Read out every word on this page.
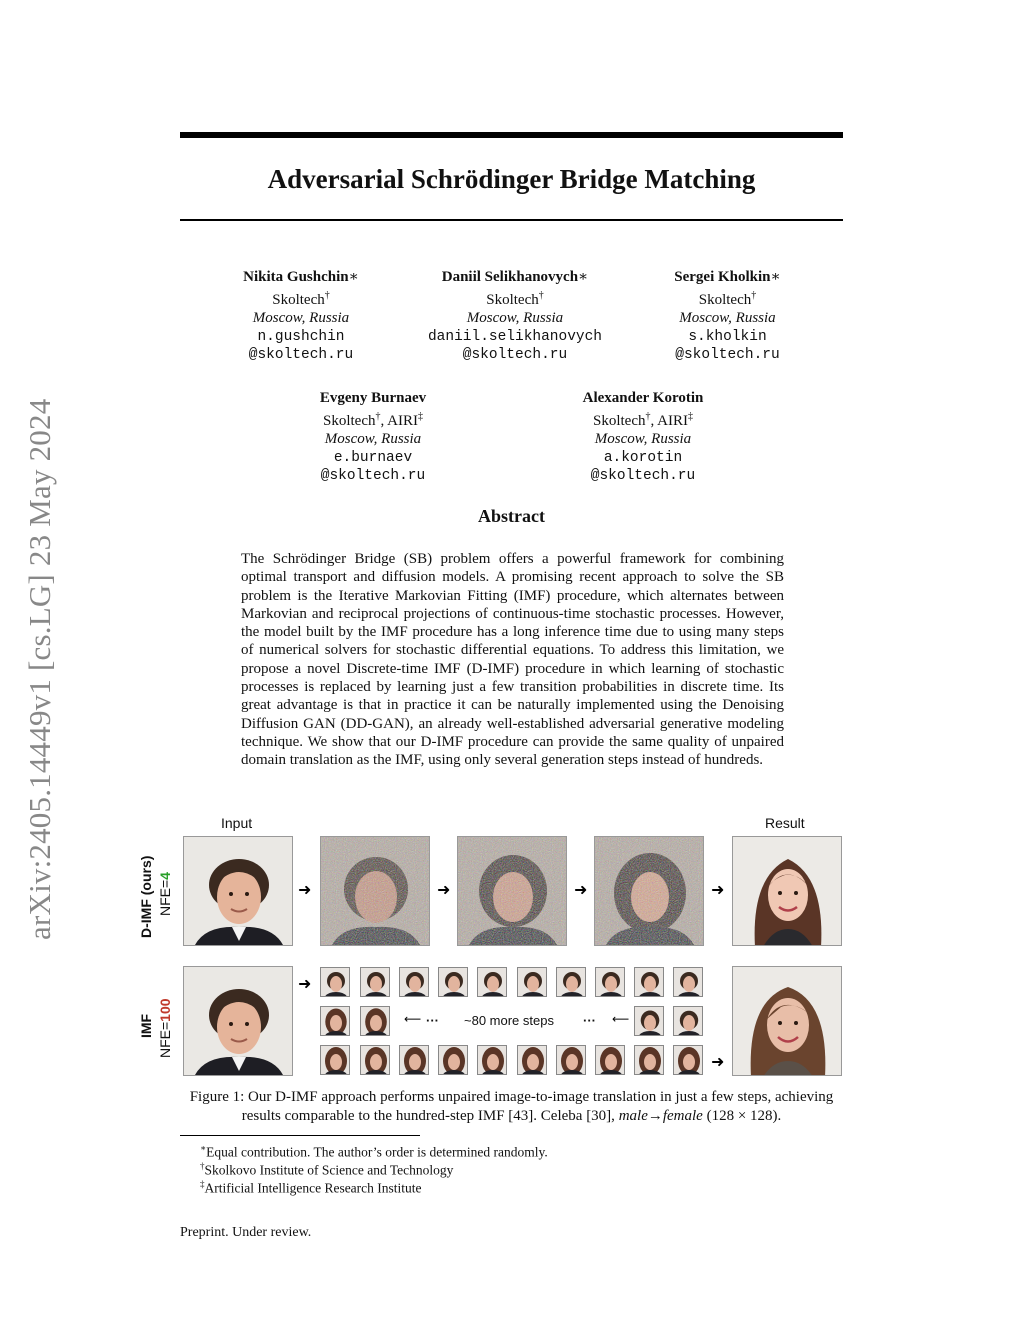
arXiv:2405.14449v1 [cs.LG] 23 May 2024
Adversarial Schrödinger Bridge Matching
Nikita Gushchin∗
Skoltech†
Moscow, Russia
n.gushchin
@skoltech.ru
Daniil Selikhanovych∗
Skoltech†
Moscow, Russia
daniil.selikhanovych
@skoltech.ru
Sergei Kholkin∗
Skoltech†
Moscow, Russia
s.kholkin
@skoltech.ru
Evgeny Burnaev
Skoltech†, AIRI‡
Moscow, Russia
e.burnaev
@skoltech.ru
Alexander Korotin
Skoltech†, AIRI‡
Moscow, Russia
a.korotin
@skoltech.ru
Abstract
The Schrödinger Bridge (SB) problem offers a powerful framework for combining optimal transport and diffusion models. A promising recent approach to solve the SB problem is the Iterative Markovian Fitting (IMF) procedure, which alternates between Markovian and reciprocal projections of continuous-time stochastic processes. However, the model built by the IMF procedure has a long inference time due to using many steps of numerical solvers for stochastic differential equations. To address this limitation, we propose a novel Discrete-time IMF (D-IMF) procedure in which learning of stochastic processes is replaced by learning just a few transition probabilities in discrete time. Its great advantage is that in practice it can be naturally implemented using the Denoising Diffusion GAN (DD-GAN), an already well-established adversarial generative modeling technique. We show that our D-IMF procedure can provide the same quality of unpaired domain translation as the IMF, using only several generation steps instead of hundreds.
Input	Result
D-IMF (ours) NFE=4
IMF NFE=100
➜	➜	➜	➜
➜
⟵ ··· ~80 more steps ··· ⟵
➜
Figure 1: Our D-IMF approach performs unpaired image-to-image translation in just a few steps, achieving results comparable to the hundred-step IMF [43]. Celeba [30], male→female (128 × 128).
∗Equal contribution. The author’s order is determined randomly.
†Skolkovo Institute of Science and Technology
‡Artificial Intelligence Research Institute
Preprint. Under review.
